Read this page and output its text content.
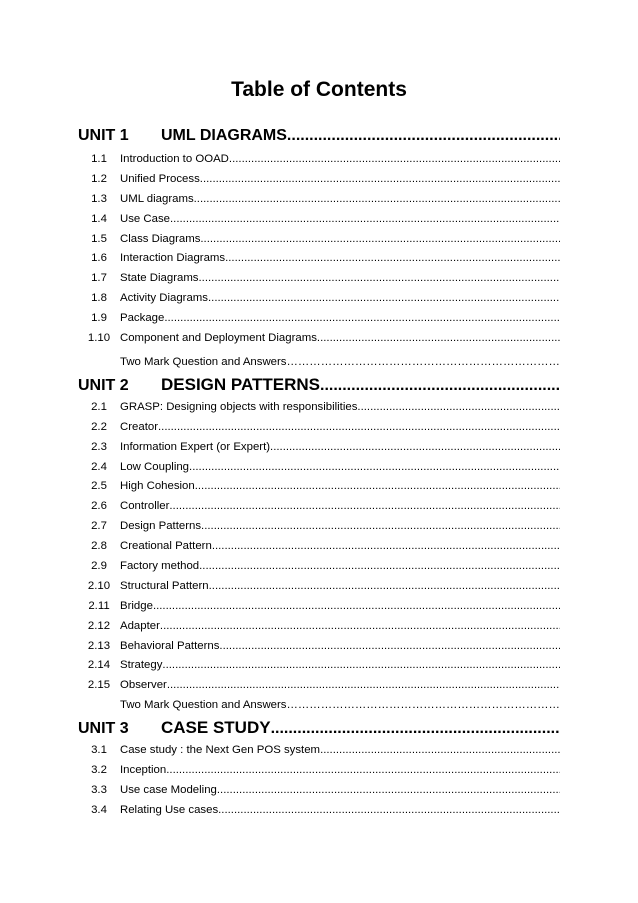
Table of Contents
UNIT 1	UML DIAGRAMS
.....
1.1	Introduction to OOAD
.....
1.2	Unified Process
.....
1.3	UML diagrams
.....
1.4	Use Case
.....
1.5	Class Diagrams
.....
1.6	Interaction Diagrams
.....
1.7	State Diagrams
.....
1.8	Activity Diagrams
.....
1.9	Package
.....
1.10 Component and Deployment Diagrams
.....
Two Mark Question and Answers
……………………………………………………………………………………………………
UNIT 2	DESIGN PATTERNS
.....
2.1	GRASP: Designing objects with responsibilities
.....
2.2	Creator
.....
2.3	Information Expert (or Expert)
.....
2.4	Low Coupling
.....
2.5	High Cohesion
.....
2.6	Controller
.....
2.7	Design Patterns
.....
2.8	Creational Pattern
.....
2.9	Factory method
.....
2.10 Structural Pattern
.....
2.11 Bridge
.....
2.12 Adapter
.....
2.13 Behavioral Patterns
.....
2.14 Strategy
.....
2.15 Observer
.....
Two Mark Question and Answers
……………………………………………………………………………………………………
UNIT 3	CASE STUDY
.....
3.1	Case study : the Next Gen POS system
.....
3.2	Inception
.....
3.3	Use case Modeling
.....
3.4	Relating Use cases
.....
